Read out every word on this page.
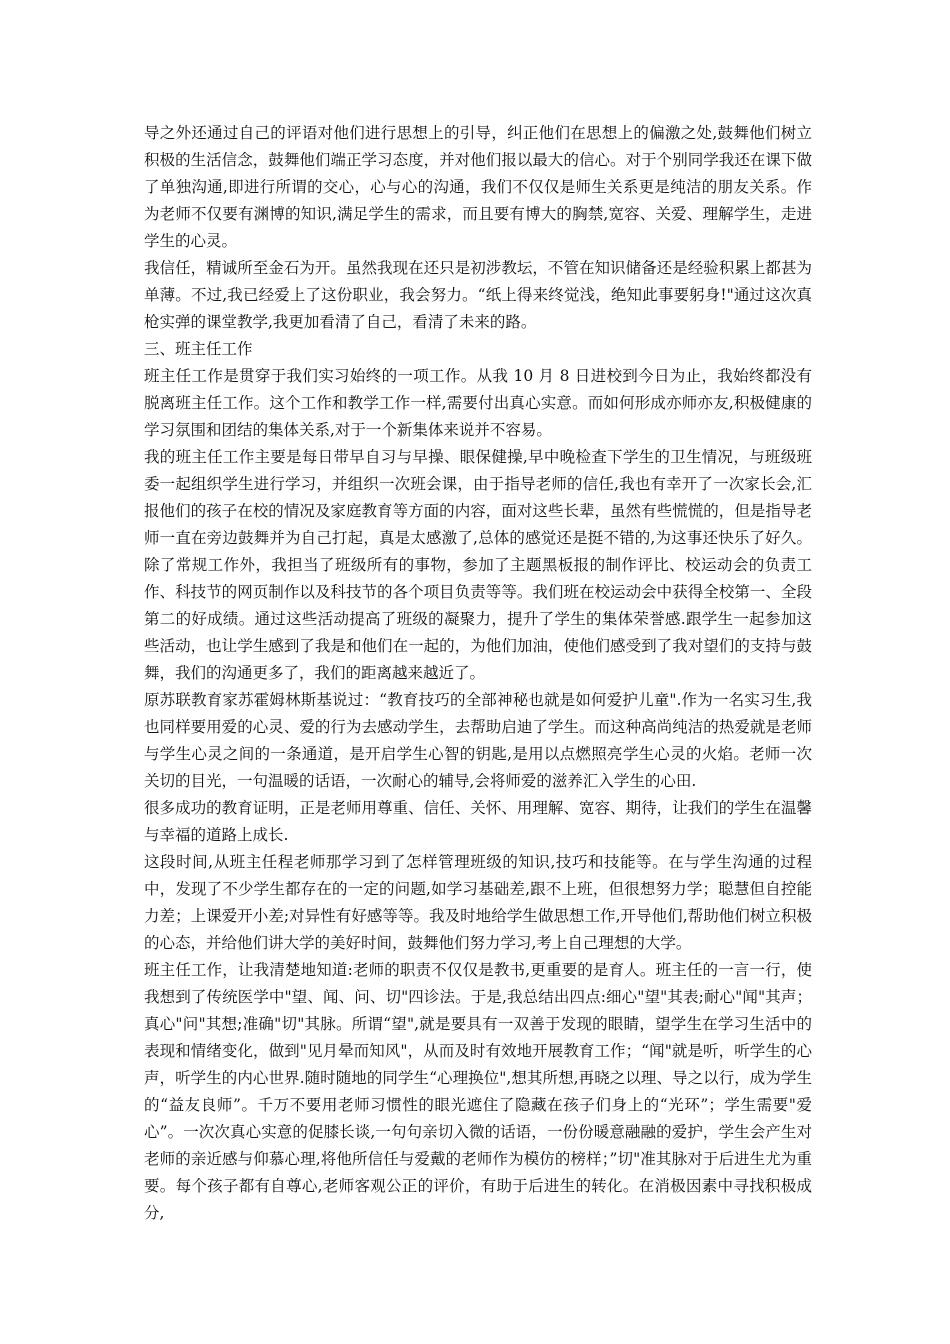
导之外还通过自己的评语对他们进行思想上的引导，纠正他们在思想上的偏激之处,鼓舞他们树立积极的生活信念，鼓舞他们端正学习态度，并对他们报以最大的信心。对于个别同学我还在课下做了单独沟通,即进行所谓的交心，心与心的沟通，我们不仅仅是师生关系更是纯洁的朋友关系。作为老师不仅要有渊博的知识,满足学生的需求，而且要有博大的胸禁,宽容、关爱、理解学生，走进学生的心灵。

我信任，精诚所至金石为开。虽然我现在还只是初涉教坛，不管在知识储备还是经验积累上都甚为单薄。不过,我已经爱上了这份职业，我会努力。“纸上得来终觉浅，绝知此事要躬身!"通过这次真枪实弹的课堂教学,我更加看清了自己，看清了未来的路。

三、班主任工作

班主任工作是贯穿于我们实习始终的一项工作。从我 10 月 8 日进校到今日为止，我始终都没有脱离班主任工作。这个工作和教学工作一样,需要付出真心实意。而如何形成亦师亦友,积极健康的学习氛围和团结的集体关系,对于一个新集体来说并不容易。

我的班主任工作主要是每日带早自习与早操、眼保健操,早中晚检查下学生的卫生情况，与班级班委一起组织学生进行学习，并组织一次班会课，由于指导老师的信任,我也有幸开了一次家长会,汇报他们的孩子在校的情况及家庭教育等方面的内容，面对这些长辈，虽然有些慌慌的，但是指导老师一直在旁边鼓舞并为自己打起，真是太感激了,总体的感觉还是挺不错的,为这事还快乐了好久。除了常规工作外，我担当了班级所有的事物，参加了主题黑板报的制作评比、校运动会的负责工作、科技节的网页制作以及科技节的各个项目负责等等。我们班在校运动会中获得全校第一、全段第二的好成绩。通过这些活动提高了班级的凝聚力，提升了学生的集体荣誉感.跟学生一起参加这些活动，也让学生感到了我是和他们在一起的，为他们加油，使他们感受到了我对望们的支持与鼓舞，我们的沟通更多了，我们的距离越来越近了。

原苏联教育家苏霍姆林斯基说过：“教育技巧的全部神秘也就是如何爱护儿童".作为一名实习生,我也同样要用爱的心灵、爱的行为去感动学生，去帮助启迪了学生。而这种高尚纯洁的热爱就是老师与学生心灵之间的一条通道，是开启学生心智的钥匙,是用以点燃照亮学生心灵的火焰。老师一次关切的目光，一句温暖的话语，一次耐心的辅导,会将师爱的滋养汇入学生的心田.

很多成功的教育证明，正是老师用尊重、信任、关怀、用理解、宽容、期待，让我们的学生在温馨与幸福的道路上成长.

这段时间,从班主任程老师那学习到了怎样管理班级的知识,技巧和技能等。在与学生沟通的过程中，发现了不少学生都存在的一定的问题,如学习基础差,跟不上班，但很想努力学；聪慧但自控能力差；上课爱开小差;对异性有好感等等。我及时地给学生做思想工作,开导他们,帮助他们树立积极的心态，并给他们讲大学的美好时间，鼓舞他们努力学习,考上自己理想的大学。

班主任工作，让我清楚地知道:老师的职责不仅仅是教书,更重要的是育人。班主任的一言一行，使我想到了传统医学中"望、闻、问、切"四诊法。于是,我总结出四点:细心"望"其表;耐心"闻"其声；真心"问"其想;准确"切"其脉。所谓“望",就是要具有一双善于发现的眼睛，望学生在学习生活中的表现和情绪变化，做到"见月晕而知风"，从而及时有效地开展教育工作；“闻"就是听，听学生的心声，听学生的内心世界.随时随地的同学生“心理换位",想其所想,再晓之以理、导之以行，成为学生的“益友良师”。千万不要用老师习惯性的眼光遮住了隐藏在孩子们身上的“光环”；学生需要"爱心”。一次次真心实意的促膝长谈,一句句亲切入微的话语，一份份暖意融融的爱护，学生会产生对老师的亲近感与仰慕心理,将他所信任与爱戴的老师作为模仿的榜样；”切"准其脉对于后进生尤为重要。每个孩子都有自尊心,老师客观公正的评价，有助于后进生的转化。在消极因素中寻找积极成分,
